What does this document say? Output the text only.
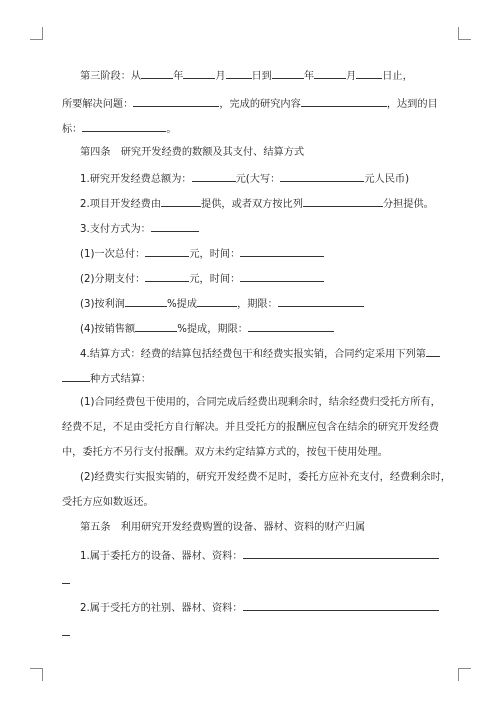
第三阶段：从	年	月	日到	年	月	日止，
所要解决问题：	，完成的研究内容	，达到的目
标：	。
第四条　研究开发经费的数额及其支付、结算方式
1.研究开发经费总额为：	元(大写：	元人民币)
2.项目开发经费由	提供，或者双方按比列	分担提供。
3.支付方式为：
(1)一次总付：	元，时间：
(2)分期支付：	元，时间：
(3)按利润	%提成	，期限：
(4)按销售额	%提成，期限：
4.结算方式：经费的结算包括经费包干和经费实报实销，合同约定采用下列第
种方式结算：
(1)合同经费包干使用的，合同完成后经费出现剩余时，结余经费归受托方所有，
经费不足，不足由受托方自行解决。并且受托方的报酬应包含在结余的研究开发经费
中，委托方不另行支付报酬。双方未约定结算方式的，按包干使用处理。
(2)经费实行实报实销的，研究开发经费不足时，委托方应补充支付，经费剩余时，
受托方应如数返还。
第五条　利用研究开发经费购置的设备、器材、资料的财产归属
1.属于委托方的设备、器材、资料：
2.属于受托方的社别、器材、资料：
